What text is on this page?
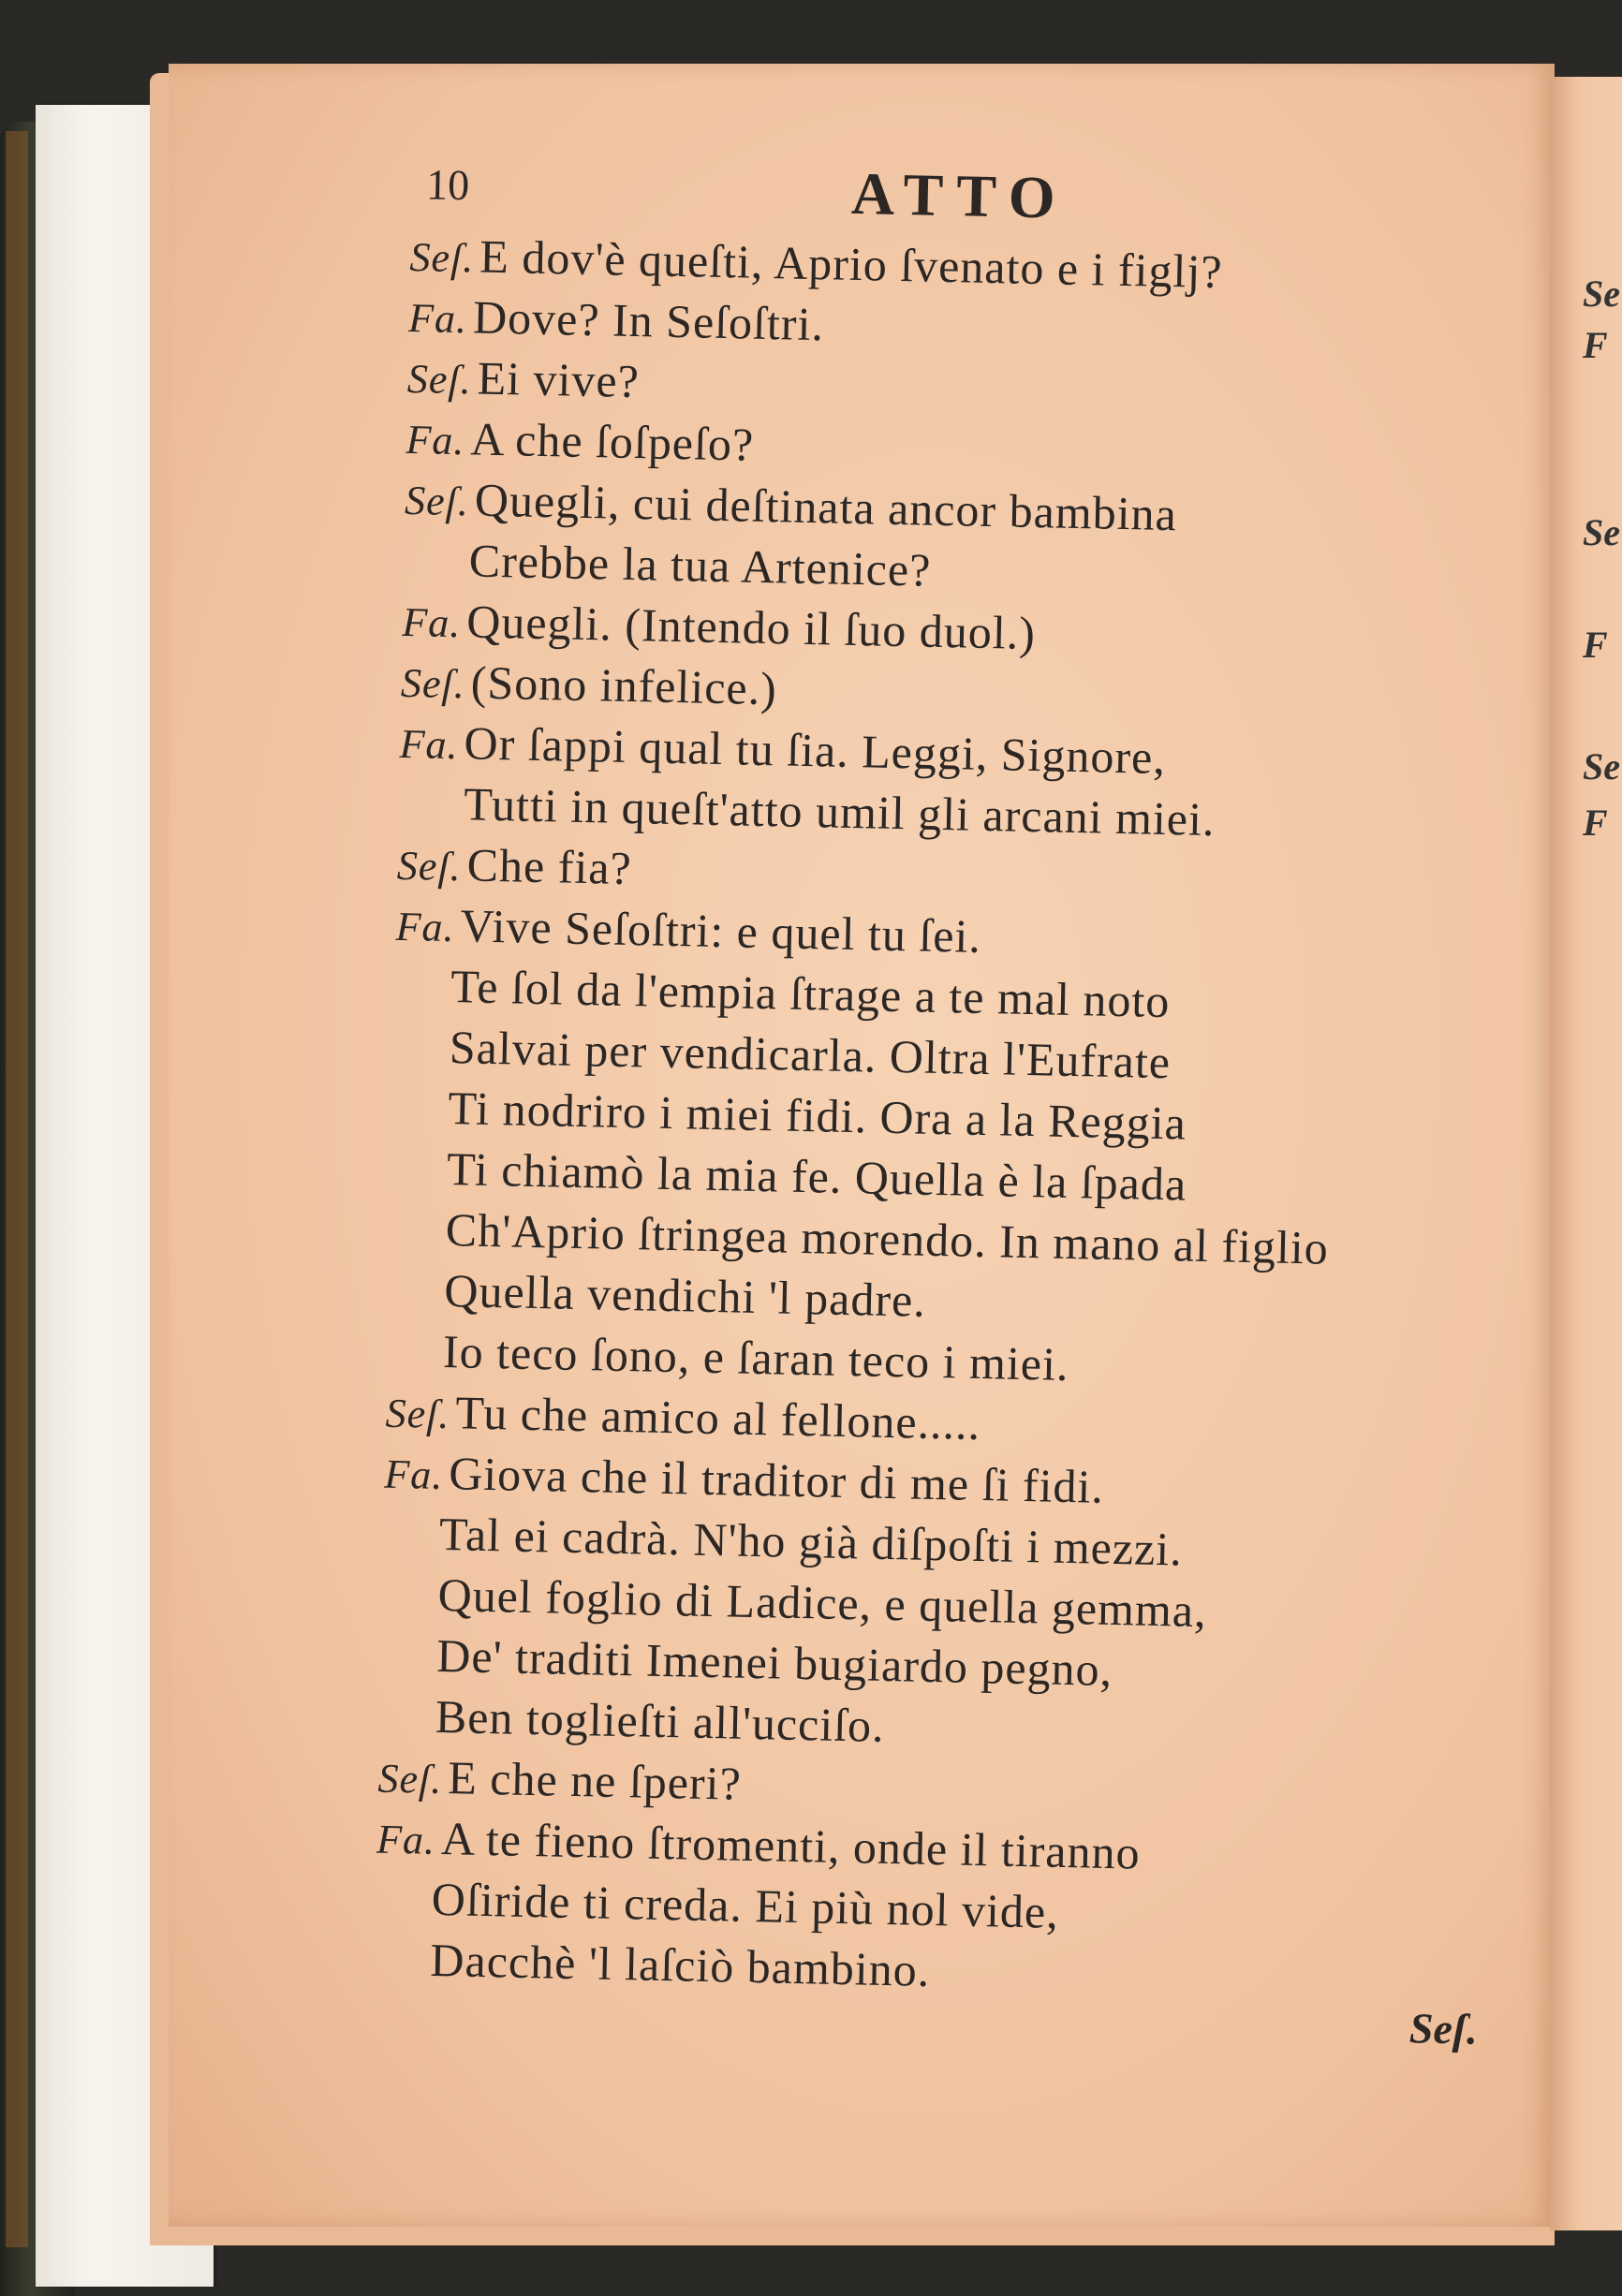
Se
F
Se
F
Se
F
10	ATTO
Seſ.E dov'è queſti, Aprio ſvenato e i figlj?
Fa.Dove? In Seſoſtri.
Seſ.Ei vive?
Fa.A che ſoſpeſo?
Seſ.Quegli, cui deſtinata ancor bambina
Crebbe la tua Artenice?
Fa.Quegli. (Intendo il ſuo duol.)
Seſ.(Sono infelice.)
Fa.Or ſappi qual tu ſia. Leggi, Signore,
Tutti in queſt'atto umil gli arcani miei.
Seſ.Che fia?
Fa.Vive Seſoſtri: e quel tu ſei.
Te ſol da l'empia ſtrage a te mal noto
Salvai per vendicarla. Oltra l'Eufrate
Ti nodriro i miei fidi. Ora a la Reggia
Ti chiamò la mia fe. Quella è la ſpada
Ch'Aprio ſtringea morendo. In mano al figlio
Quella vendichi 'l padre.
Io teco ſono, e ſaran teco i miei.
Seſ.Tu che amico al fellone.....
Fa.Giova che il traditor di me ſi fidi.
Tal ei cadrà. N'ho già diſpoſti i mezzi.
Quel foglio di Ladice, e quella gemma,
De' traditi Imenei bugiardo pegno,
Ben toglieſti all'ucciſo.
Seſ.E che ne ſperi?
Fa.A te fieno ſtromenti, onde il tiranno
Oſiride ti creda. Ei più nol vide,
Dacchè 'l laſciò bambino.
Seſ.
